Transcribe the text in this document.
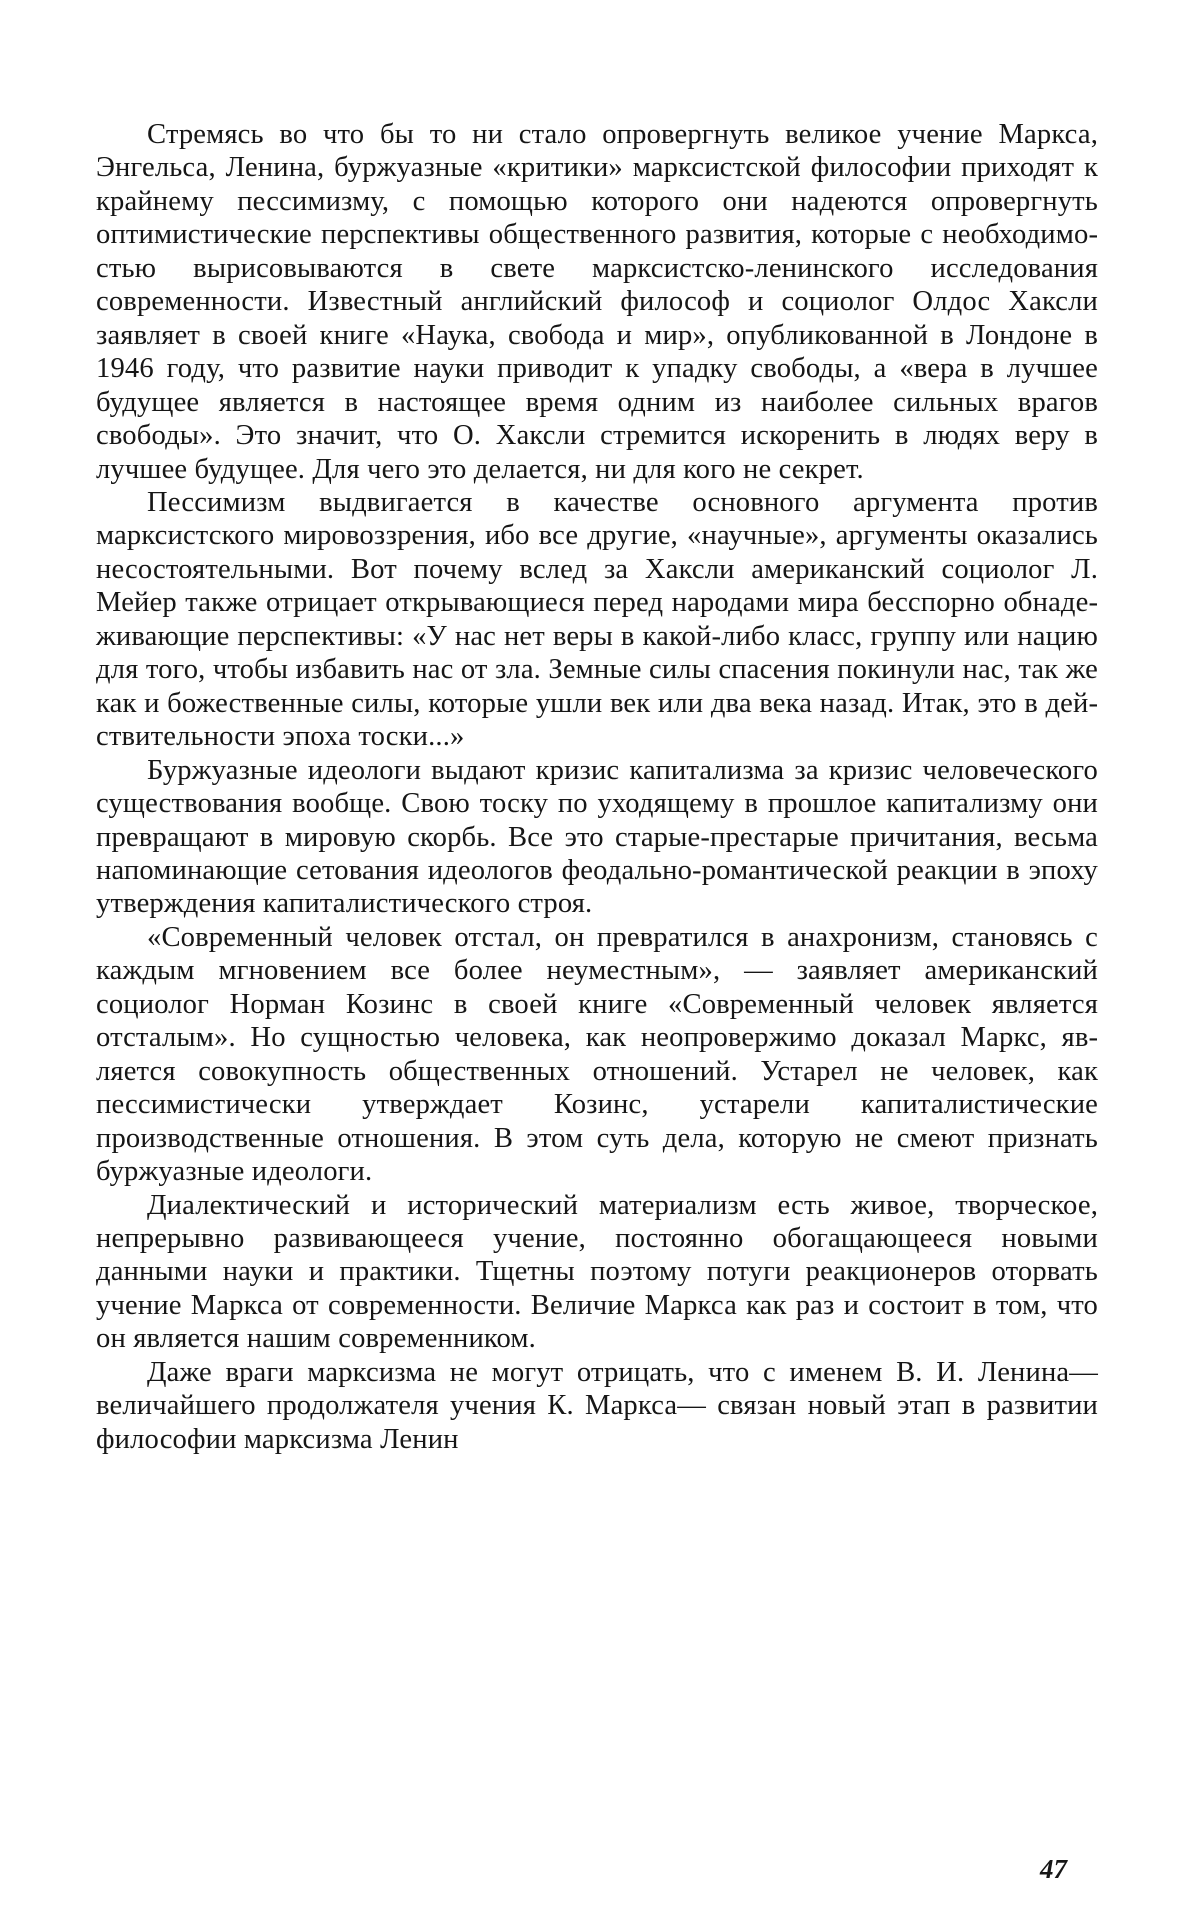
Стремясь во что бы то ни стало опровергнуть великое учение Маркса, Энгельса, Ленина, буржуазные «критики» марксистской философии приходят к крайнему пессимизму, с помощью которого они надеются опровергнуть оптимистические перспективы общественного развития, которые с необходимостью вырисовываются в свете марксистско-ленинского исследования современности. Известный английский философ и социолог Олдос Хаксли заявляет в своей книге «Наука, свобода и мир», опубликованной в Лондоне в 1946 году, что развитие науки приводит к упадку свободы, а «вера в лучшее будущее является в настоящее время одним из наиболее сильных врагов свободы». Это значит, что О. Хаксли стремится искоренить в людях веру в лучшее будущее. Для чего это делается, ни для кого не секрет.

Пессимизм выдвигается в качестве основного аргумента против марксистского мировоззрения, ибо все другие, «научные», аргументы оказались несостоятельными. Вот почему вслед за Хаксли американский социолог Л. Мейер также отрицает открывающиеся перед народами мира бесспорно обнадеживающие перспективы: «У нас нет веры в какой-либо класс, группу или нацию для того, чтобы избавить нас от зла. Земные силы спасения покинули нас, так же как и божественные силы, которые ушли век или два века назад. Итак, это в действительности эпоха тоски...»

Буржуазные идеологи выдают кризис капитализма за кризис человеческого существования вообще. Свою тоску по уходящему в прошлое капитализму они превращают в мировую скорбь. Все это старые-престарые причитания, весьма напоминающие сетования идеологов феодально-романтической реакции в эпоху утверждения капиталистического строя.

«Современный человек отстал, он превратился в анахронизм, становясь с каждым мгновением все более неуместным», — заявляет американский социолог Норман Козинс в своей книге «Современный человек является отсталым». Но сущностью человека, как неопровержимо доказал Маркс, является совокупность общественных отношений. Устарел не человек, как пессимистически утверждает Козинс, устарели капиталистические производственные отношения. В этом суть дела, которую не смеют признать буржуазные идеологи.

Диалектический и исторический материализм есть живое, творческое, непрерывно развивающееся учение, постоянно обогащающееся новыми данными науки и практики. Тщетны поэтому потуги реакционеров оторвать учение Маркса от современности. Величие Маркса как раз и состоит в том, что он является нашим современником.

Даже враги марксизма не могут отрицать, что с именем В. И. Ленина—величайшего продолжателя учения К. Маркса— связан новый этап в развитии философии марксизма Ленин

47
